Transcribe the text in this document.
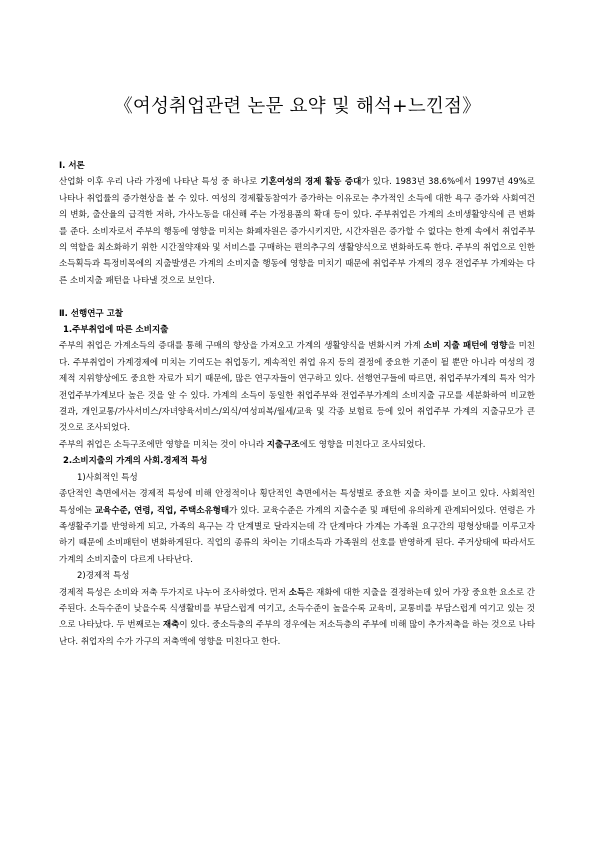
《여성취업관련 논문 요약 및 해석+느낀점》

Ⅰ. 서론

산업화 이후 우리 나라 가정에 나타난 특성 중 하나로 기혼여성의 경제 활동 증대가 있다. 1983년 38.6%에서 1997년 49%로 나타나 취업률의 증가현상을 볼 수 있다. 여성의 경제활동참여가 증가하는 이유로는 추가적인 소득에 대한 욕구 증가와 사회여건의 변화, 출산율의 급격한 저하, 가사노동을 대신해 주는 가정용품의 확대 등이 있다. 주부취업은 가계의 소비생활양식에 큰 변화를 준다. 소비자로서 주부의 행동에 영향을 미치는 화폐자원은 증가시키지만, 시간자원은 증가할 수 없다는 한계 속에서 취업주부의 역할을 최소화하기 위한 시간절약재와 및 서비스를 구매하는 편의추구의 생활양식으로 변화하도록 한다. 주부의 취업으로 인한 소득획득과 특정비목에의 지출발생은 가계의 소비지출 행동에 영향을 미치기 때문에 취업주부 가계의 경우 전업주부 가계와는 다른 소비지출 패턴을 나타낼 것으로 보인다.

Ⅱ. 선행연구 고찰

1.주부취업에 따른 소비지출

주부의 취업은 가계소득의 증대를 통해 구매의 향상을 가져오고 가계의 생활양식을 변화시켜 가계 소비 지출 패턴에 영향을 미친다. 주부취업이 가계경제에 미치는 기여도는 취업동기, 계속적인 취업 유지 등의 결정에 중요한 기준이 될 뿐만 아니라 여성의 경제적 지위향상에도 중요한 자료가 되기 때문에, 많은 연구자들이 연구하고 있다. 선행연구들에 따르면, 취업주부가계의 특자 억가 전업주부가계보다 높은 것을 알 수 있다. 가계의 소득이 동일한 취업주부와 전업주부가계의 소비지출 규모를 세분화하여 비교한 결과, 개인교통/가사서비스/자녀양육서비스/외식/여성피복/월세/교육 및 각종 보험료 등에 있어 취업주부 가계의 지출규모가 큰 것으로 조사되었다.

주부의 취업은 소득구조에만 영향을 미치는 것이 아니라 지출구조에도 영향을 미친다고 조사되었다.

2.소비지출의 가계의 사회.경제적 특성

1)사회적인 특성

종단적인 측면에서는 경제적 특성에 비해 안정적이나 횡단적인 측면에서는 특성별로 중요한 지출 차이를 보이고 있다. 사회적인 특성에는 교육수준, 연령, 직업, 주택소유형태가 있다. 교육수준은 가계의 지출수준 및 패턴에 유의하게 관계되어있다. 연령은 가족생활주기를 반영하게 되고, 가족의 욕구는 각 단계별로 달라지는데 각 단계마다 가계는 가족원 요구간의 평형상태를 이루고자 하기 때문에 소비패턴이 변화하게된다. 직업의 종류의 차이는 기대소득과 가족원의 선호를 반영하게 된다. 주거상태에 따라서도 가계의 소비지출이 다르게 나타난다.

2)경제적 특성

경제적 특성은 소비와 저축 두가지로 나누어 조사하였다. 먼저 소득은 재화에 대한 지출을 결정하는데 있어 가장 중요한 요소로 간주된다. 소득수준이 낮을수록 식생활비를 부담스럽게 여기고, 소득수준이 높을수록 교육비, 교통비를 부담스럽게 여기고 있는 것으로 나타났다. 두 번째로는 재축이 있다. 중소득층의 주부의 경우에는 저소득층의 주부에 비해 많이 추가저축을 하는 것으로 나타난다. 취업자의 수가 가구의 저축액에 영향을 미친다고 한다.
